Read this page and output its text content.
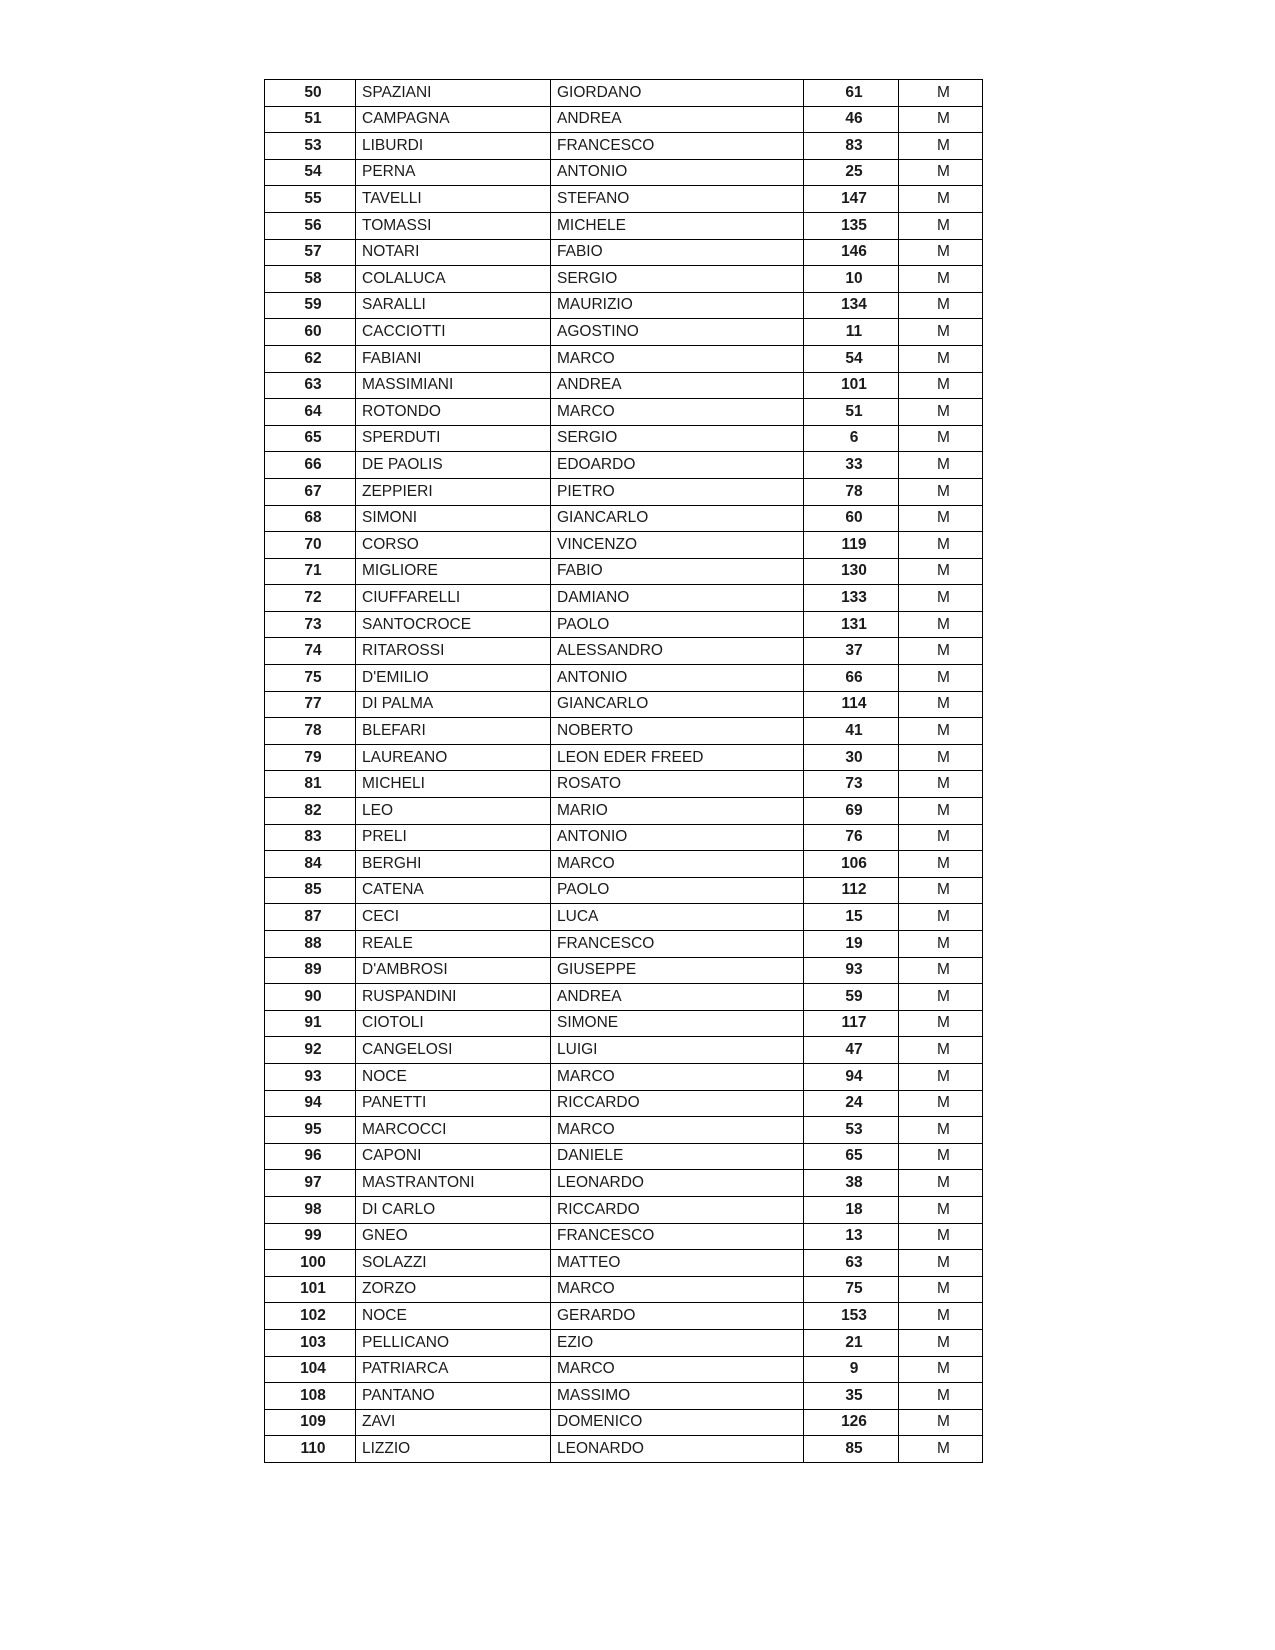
50	SPAZIANI	GIORDANO	61	M
51	CAMPAGNA	ANDREA	46	M
53	LIBURDI	FRANCESCO	83	M
54	PERNA	ANTONIO	25	M
55	TAVELLI	STEFANO	147	M
56	TOMASSI	MICHELE	135	M
57	NOTARI	FABIO	146	M
58	COLALUCA	SERGIO	10	M
59	SARALLI	MAURIZIO	134	M
60	CACCIOTTI	AGOSTINO	11	M
62	FABIANI	MARCO	54	M
63	MASSIMIANI	ANDREA	101	M
64	ROTONDO	MARCO	51	M
65	SPERDUTI	SERGIO	6	M
66	DE PAOLIS	EDOARDO	33	M
67	ZEPPIERI	PIETRO	78	M
68	SIMONI	GIANCARLO	60	M
70	CORSO	VINCENZO	119	M
71	MIGLIORE	FABIO	130	M
72	CIUFFARELLI	DAMIANO	133	M
73	SANTOCROCE	PAOLO	131	M
74	RITAROSSI	ALESSANDRO	37	M
75	D'EMILIO	ANTONIO	66	M
77	DI PALMA	GIANCARLO	114	M
78	BLEFARI	NOBERTO	41	M
79	LAUREANO	LEON EDER FREED	30	M
81	MICHELI	ROSATO	73	M
82	LEO	MARIO	69	M
83	PRELI	ANTONIO	76	M
84	BERGHI	MARCO	106	M
85	CATENA	PAOLO	112	M
87	CECI	LUCA	15	M
88	REALE	FRANCESCO	19	M
89	D'AMBROSI	GIUSEPPE	93	M
90	RUSPANDINI	ANDREA	59	M
91	CIOTOLI	SIMONE	117	M
92	CANGELOSI	LUIGI	47	M
93	NOCE	MARCO	94	M
94	PANETTI	RICCARDO	24	M
95	MARCOCCI	MARCO	53	M
96	CAPONI	DANIELE	65	M
97	MASTRANTONI	LEONARDO	38	M
98	DI CARLO	RICCARDO	18	M
99	GNEO	FRANCESCO	13	M
100	SOLAZZI	MATTEO	63	M
101	ZORZO	MARCO	75	M
102	NOCE	GERARDO	153	M
103	PELLICANO	EZIO	21	M
104	PATRIARCA	MARCO	9	M
108	PANTANO	MASSIMO	35	M
109	ZAVI	DOMENICO	126	M
110	LIZZIO	LEONARDO	85	M
